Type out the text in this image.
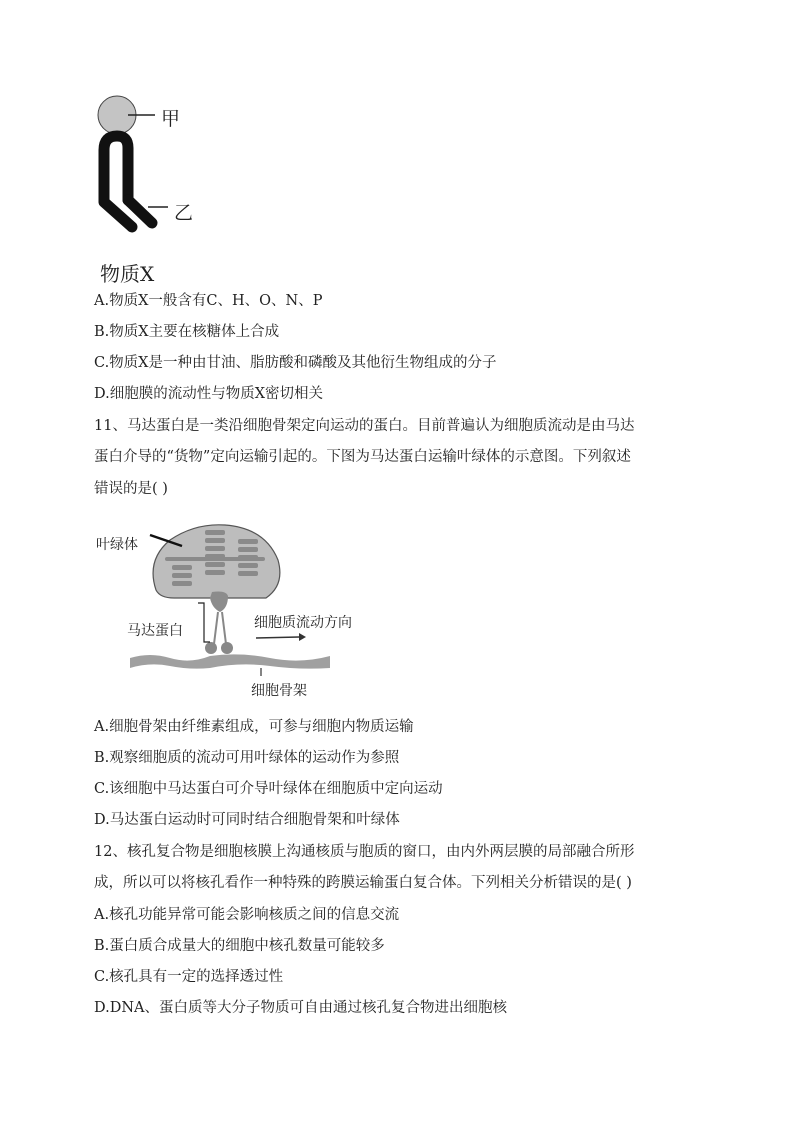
甲
乙
物质X
A.物质X一般含有C、H、O、N、P
B.物质X主要在核糖体上合成
C.物质X是一种由甘油、脂肪酸和磷酸及其他衍生物组成的分子
D.细胞膜的流动性与物质X密切相关
11、马达蛋白是一类沿细胞骨架定向运动的蛋白。目前普遍认为细胞质流动是由马达
蛋白介导的“货物”定向运输引起的。下图为马达蛋白运输叶绿体的示意图。下列叙述
错误的是( )
叶绿体
马达蛋白	细胞质流动方向
细胞骨架
A.细胞骨架由纤维素组成，可参与细胞内物质运输
B.观察细胞质的流动可用叶绿体的运动作为参照
C.该细胞中马达蛋白可介导叶绿体在细胞质中定向运动
D.马达蛋白运动时可同时结合细胞骨架和叶绿体
12、核孔复合物是细胞核膜上沟通核质与胞质的窗口，由内外两层膜的局部融合所形
成，所以可以将核孔看作一种特殊的跨膜运输蛋白复合体。下列相关分析错误的是( )
A.核孔功能异常可能会影响核质之间的信息交流
B.蛋白质合成量大的细胞中核孔数量可能较多
C.核孔具有一定的选择透过性
D.DNA、蛋白质等大分子物质可自由通过核孔复合物进出细胞核
